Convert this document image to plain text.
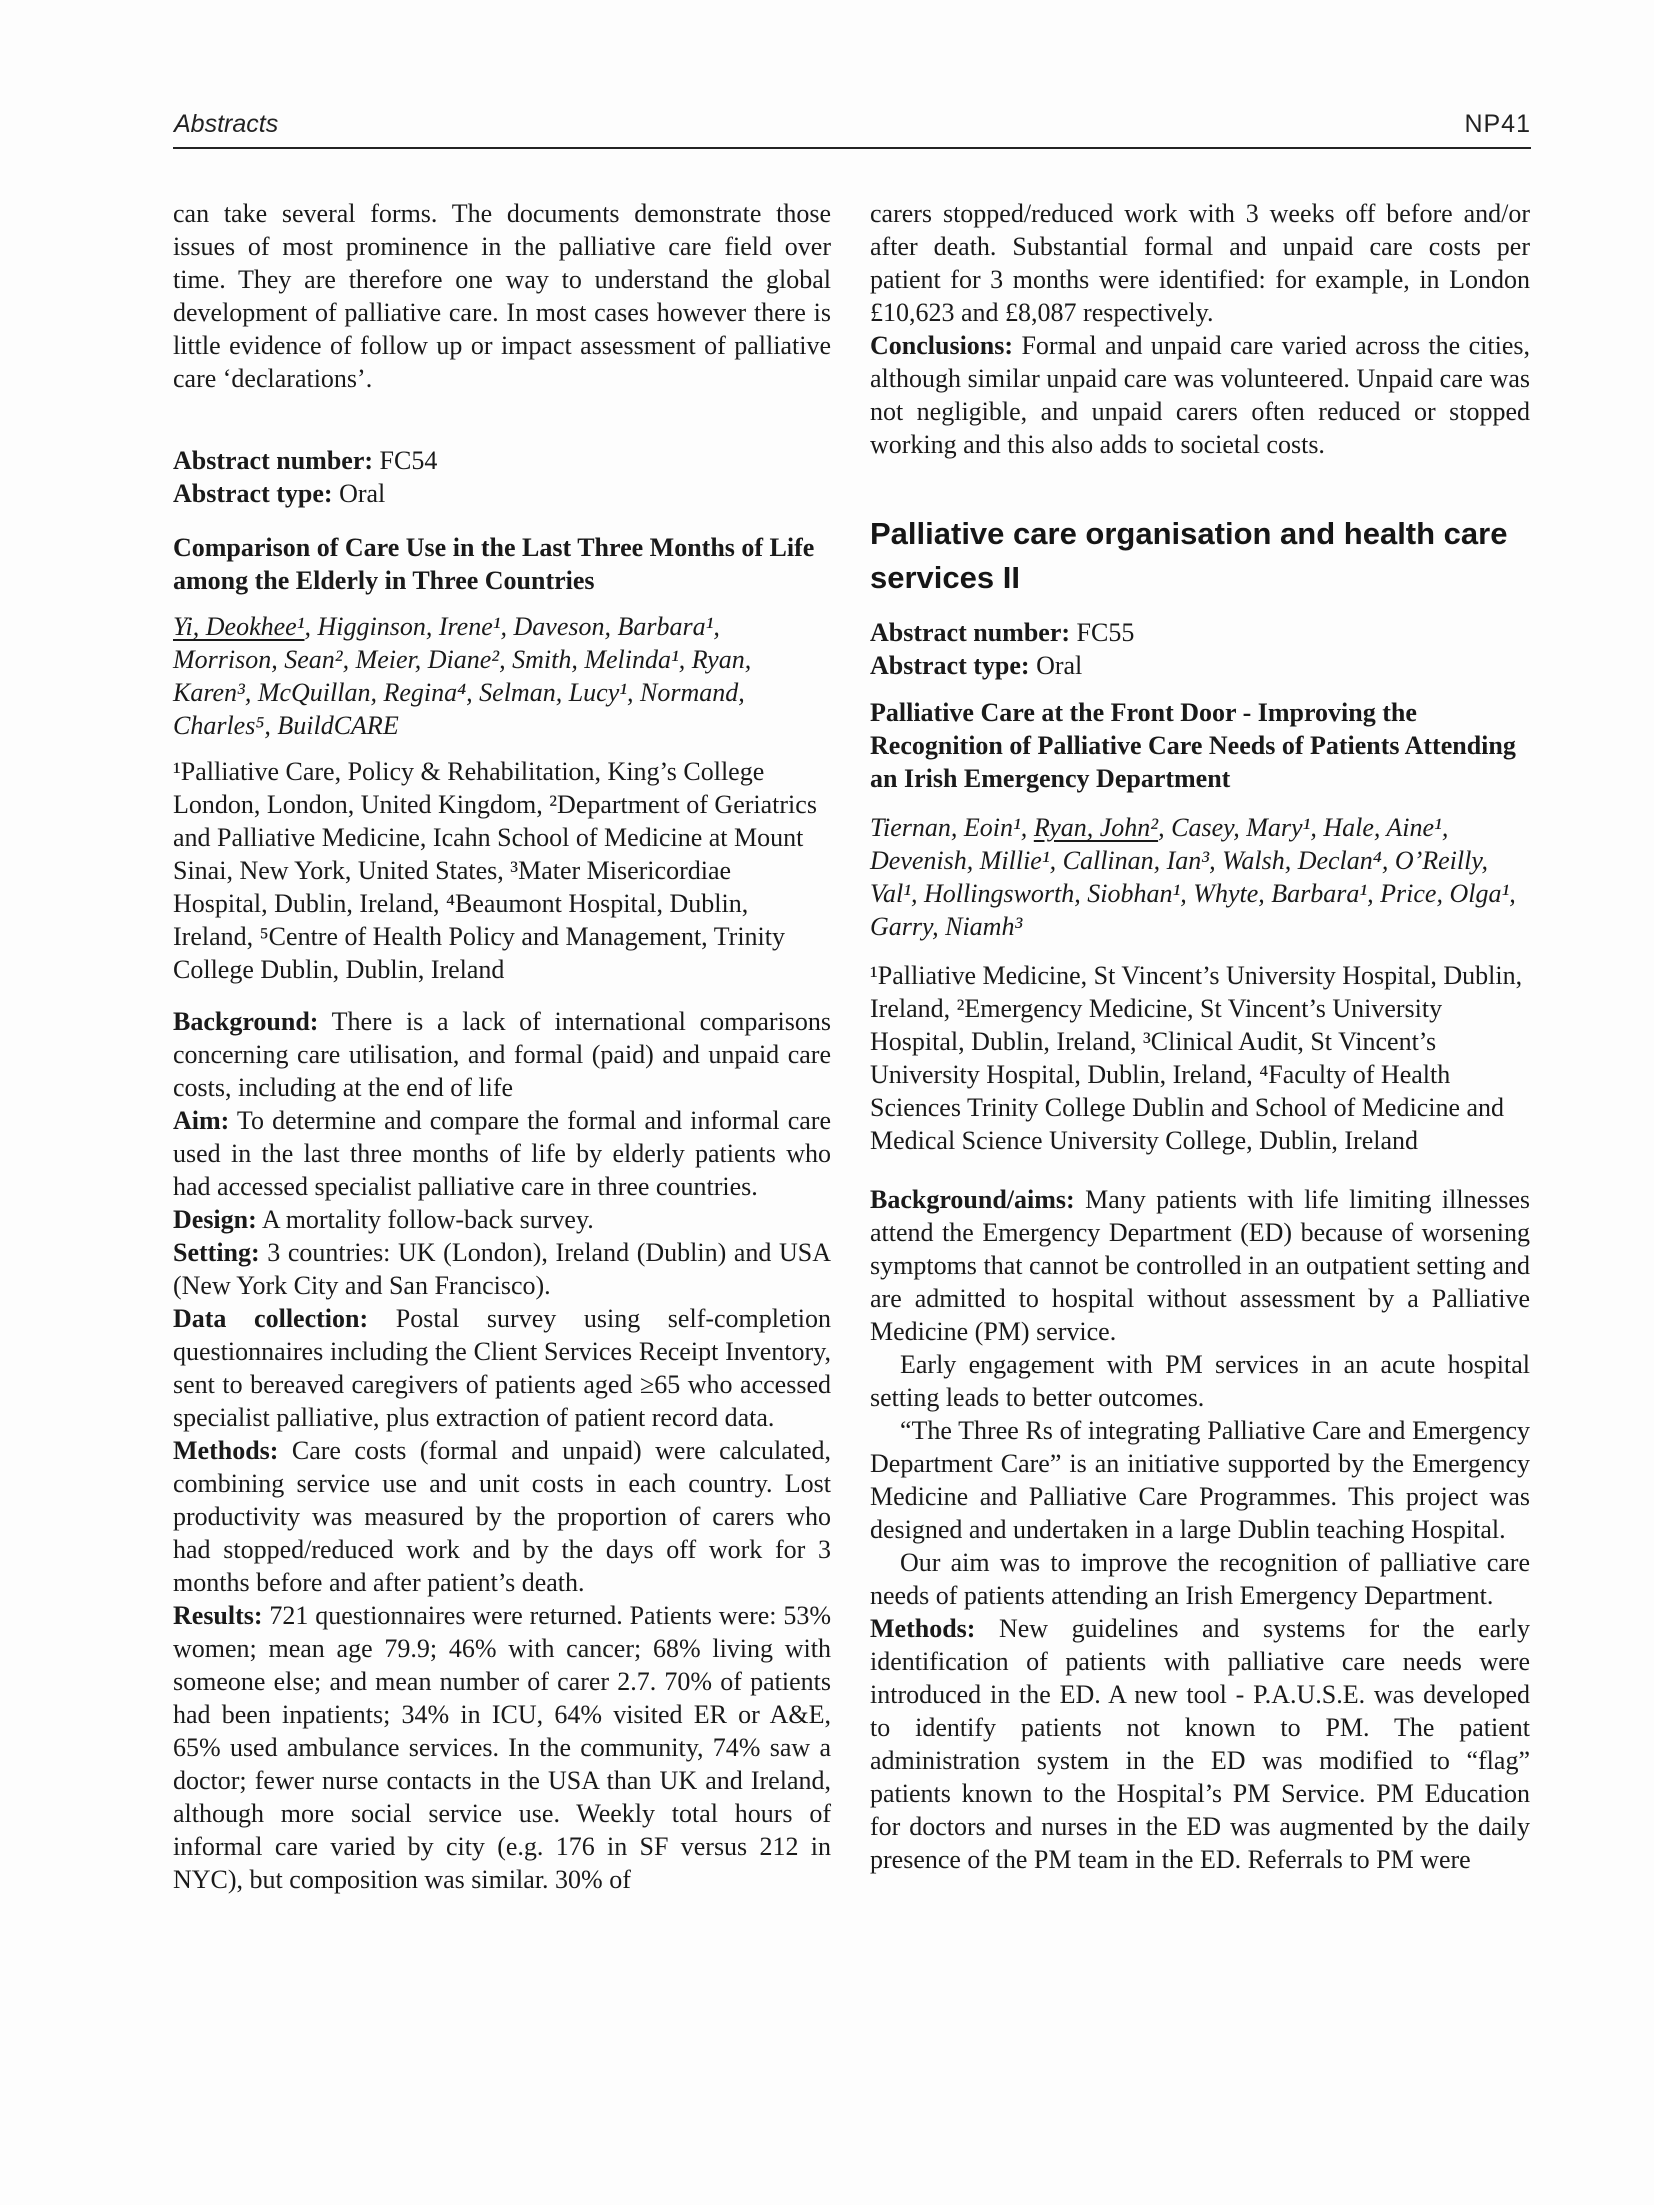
Abstracts	NP41

can take several forms. The documents demonstrate those issues of most prominence in the palliative care field over time. They are therefore one way to understand the global development of palliative care. In most cases however there is little evidence of follow up or impact assessment of palliative care ‘declarations’.

Abstract number: FC54

Abstract type: Oral

Comparison of Care Use in the Last Three Months of Life among the Elderly in Three Countries

Yi, Deokhee¹, Higginson, Irene¹, Daveson, Barbara¹, Morrison, Sean², Meier, Diane², Smith, Melinda¹, Ryan, Karen³, McQuillan, Regina⁴, Selman, Lucy¹, Normand, Charles⁵, BuildCARE

¹Palliative Care, Policy & Rehabilitation, King’s College London, London, United Kingdom, ²Department of Geriatrics and Palliative Medicine, Icahn School of Medicine at Mount Sinai, New York, United States, ³Mater Misericordiae Hospital, Dublin, Ireland, ⁴Beaumont Hospital, Dublin, Ireland, ⁵Centre of Health Policy and Management, Trinity College Dublin, Dublin, Ireland

Background: There is a lack of international comparisons concerning care utilisation, and formal (paid) and unpaid care costs, including at the end of life

Aim: To determine and compare the formal and informal care used in the last three months of life by elderly patients who had accessed specialist palliative care in three countries.

Design: A mortality follow-back survey.

Setting: 3 countries: UK (London), Ireland (Dublin) and USA (New York City and San Francisco).

Data collection: Postal survey using self-completion questionnaires including the Client Services Receipt Inventory, sent to bereaved caregivers of patients aged ≥65 who accessed specialist palliative, plus extraction of patient record data.

Methods: Care costs (formal and unpaid) were calculated, combining service use and unit costs in each country. Lost productivity was measured by the proportion of carers who had stopped/reduced work and by the days off work for 3 months before and after patient’s death.

Results: 721 questionnaires were returned. Patients were: 53% women; mean age 79.9; 46% with cancer; 68% living with someone else; and mean number of carer 2.7. 70% of patients had been inpatients; 34% in ICU, 64% visited ER or A&E, 65% used ambulance services. In the community, 74% saw a doctor; fewer nurse contacts in the USA than UK and Ireland, although more social service use. Weekly total hours of informal care varied by city (e.g. 176 in SF versus 212 in NYC), but composition was similar. 30% of

carers stopped/reduced work with 3 weeks off before and/or after death. Substantial formal and unpaid care costs per patient for 3 months were identified: for example, in London £10,623 and £8,087 respectively.

Conclusions: Formal and unpaid care varied across the cities, although similar unpaid care was volunteered. Unpaid care was not negligible, and unpaid carers often reduced or stopped working and this also adds to societal costs.

Palliative care organisation and health care services II

Abstract number: FC55

Abstract type: Oral

Palliative Care at the Front Door - Improving the Recognition of Palliative Care Needs of Patients Attending an Irish Emergency Department

Tiernan, Eoin¹, Ryan, John², Casey, Mary¹, Hale, Aine¹, Devenish, Millie¹, Callinan, Ian³, Walsh, Declan⁴, O’Reilly, Val¹, Hollingsworth, Siobhan¹, Whyte, Barbara¹, Price, Olga¹, Garry, Niamh³

¹Palliative Medicine, St Vincent’s University Hospital, Dublin, Ireland, ²Emergency Medicine, St Vincent’s University Hospital, Dublin, Ireland, ³Clinical Audit, St Vincent’s University Hospital, Dublin, Ireland, ⁴Faculty of Health Sciences Trinity College Dublin and School of Medicine and Medical Science University College, Dublin, Ireland

Background/aims: Many patients with life limiting illnesses attend the Emergency Department (ED) because of worsening symptoms that cannot be controlled in an outpatient setting and are admitted to hospital without assessment by a Palliative Medicine (PM) service.

Early engagement with PM services in an acute hospital setting leads to better outcomes.

“The Three Rs of integrating Palliative Care and Emergency Department Care” is an initiative supported by the Emergency Medicine and Palliative Care Programmes. This project was designed and undertaken in a large Dublin teaching Hospital.

Our aim was to improve the recognition of palliative care needs of patients attending an Irish Emergency Department.

Methods: New guidelines and systems for the early identification of patients with palliative care needs were introduced in the ED. A new tool - P.A.U.S.E. was developed to identify patients not known to PM. The patient administration system in the ED was modified to “flag” patients known to the Hospital’s PM Service. PM Education for doctors and nurses in the ED was augmented by the daily presence of the PM team in the ED. Referrals to PM were
